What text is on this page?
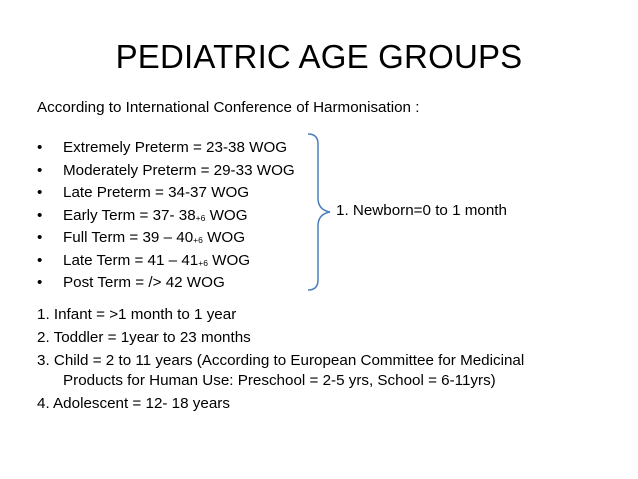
PEDIATRIC AGE GROUPS
According to International Conference of Harmonisation :
•	Extremely Preterm = 23-38 WOG
•	Moderately Preterm = 29-33 WOG
•	Late Preterm = 34-37 WOG
•	Early Term = 37- 38+6 WOG
•	Full Term = 39 – 40+6 WOG
•	Late Term = 41 – 41+6 WOG
•	Post Term = /> 42 WOG
1. Newborn=0 to 1 month
1. Infant = >1 month to 1 year
2. Toddler = 1year to 23 months
3. Child = 2 to 11 years (According to European Committee for Medicinal
Products for Human Use: Preschool = 2-5 yrs, School = 6-11yrs)
4. Adolescent = 12- 18 years
